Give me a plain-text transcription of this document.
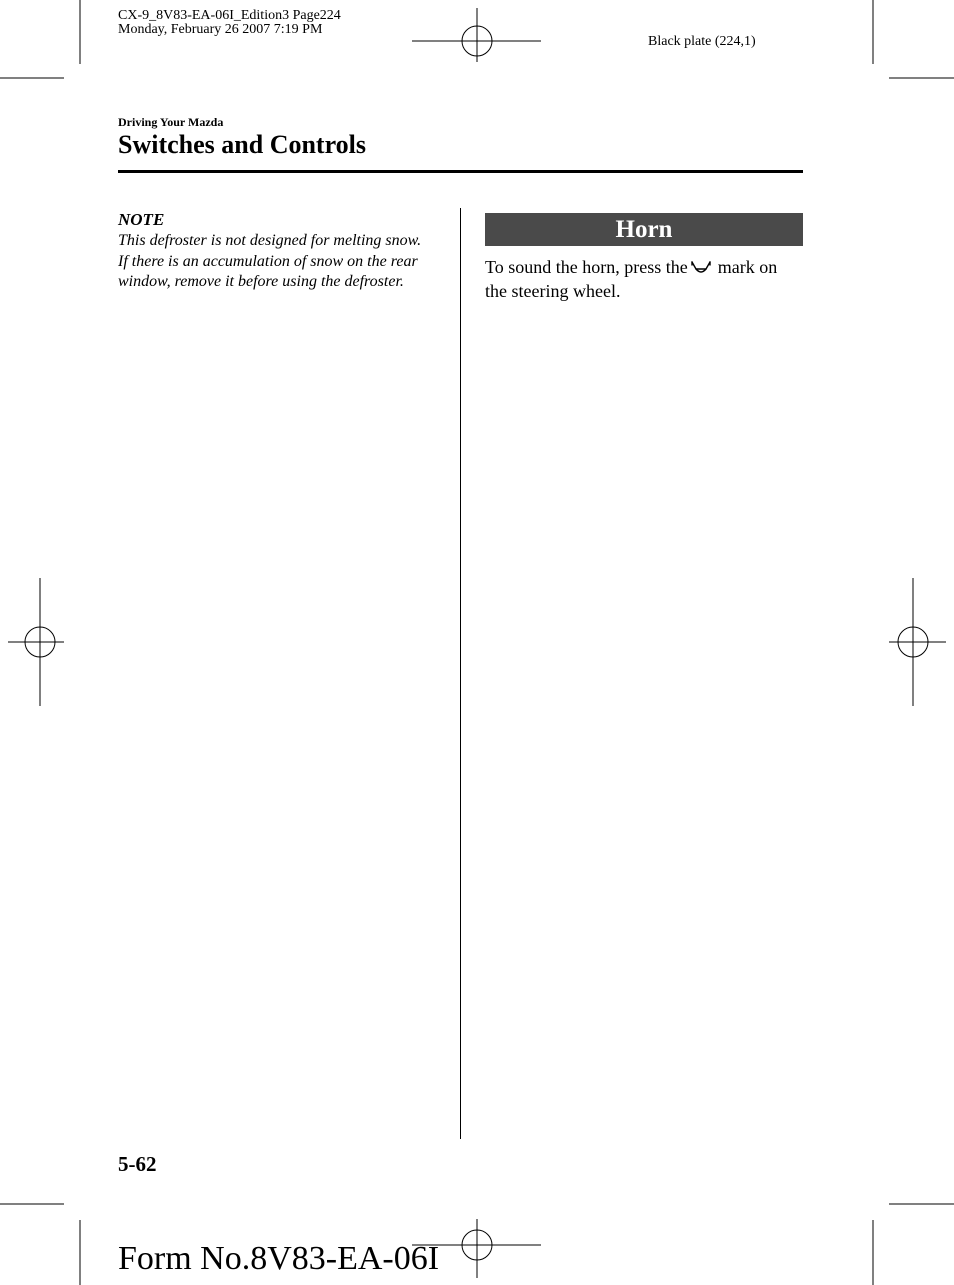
CX-9_8V83-EA-06I_Edition3 Page224
Monday, February 26 2007 7:19 PM
Black plate (224,1)
Driving Your Mazda
Switches and Controls
NOTE
This defroster is not designed for melting snow.
If there is an accumulation of snow on the rear
window, remove it before using the defroster.
Horn
To sound the horn, press the mark on
the steering wheel.
5-62
Form No.8V83-EA-06I
